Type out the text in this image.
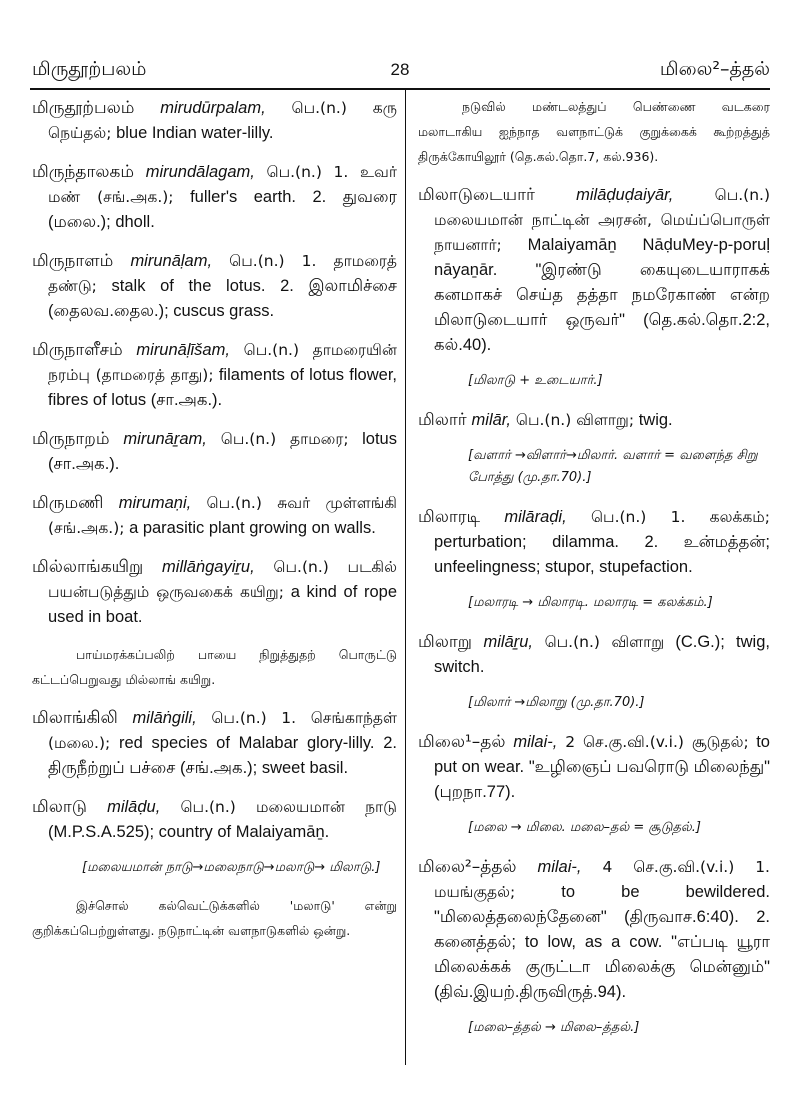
மிருதூற்பலம்	28	மிலை²–த்தல்
மிருதூற்பலம் mirudūrpalam, பெ.(n.) கரு நெய்தல்; blue Indian water-lilly.
மிருந்தாலகம் mirundālagam, பெ.(n.) 1. உவர் மண் (சங்.அக.); fuller's earth. 2. துவரை (மலை.); dholl.
மிருநாளம் mirunāḷam, பெ.(n.) 1. தாமரைத் தண்டு; stalk of the lotus. 2. இலாமிச்சை (தைலவ.தைல.); cuscus grass.
மிருநாளீசம் mirunāḷīšam, பெ.(n.) தாமரையின் நரம்பு (தாமரைத் தாது); filaments of lotus flower, fibres of lotus (சா.அக.).
மிருநாறம் mirunāṟam, பெ.(n.) தாமரை; lotus (சா.அக.).
மிருமணி mirumaṇi, பெ.(n.) சுவர் முள்ளங்கி (சங்.அக.); a parasitic plant growing on walls.
மில்லாங்கயிறு millāṅgayiṟu, பெ.(n.) படகில் பயன்படுத்தும் ஒருவகைக் கயிறு; a kind of rope used in boat.
பாய்மரக்கப்பலிற் பாயை நிறுத்துதற் பொருட்டு கட்டப்பெறுவது மில்லாங் கயிறு.
மிலாங்கிலி milāṅgili, பெ.(n.) 1. செங்காந்தள் (மலை.); red species of Malabar glory-lilly. 2. திருநீற்றுப் பச்சை (சங்.அக.); sweet basil.
மிலாடு milāḍu, பெ.(n.) மலையமான் நாடு (M.P.S.A.525); country of Malaiyamāṉ.
[மலையமான் நாடு→மலைநாடு→மலாடு→ மிலாடு.]
இச்சொல் கல்வெட்டுக்களில் 'மலாடு' என்று குறிக்கப்பெற்றுள்ளது. நடுநாட்டின் வளநாடுகளில் ஒன்று.
நடுவில் மண்டலத்துப் பெண்ணை வடகரை மலாடாகிய ஐந்நாத வளநாட்டுக் குறுக்கைக் கூற்றத்துத் திருக்கோயிலூர் (தெ.கல்.தொ.7, கல்.936).
மிலாடுடையார்	milāḍuḍaiyār,	பெ.(n.) மலையமான் நாட்டின் அரசன், மெய்ப்பொருள் நாயனார்; Malaiyamāṉ NāḍuMey-p-poruḷ nāyaṉār. "இரண்டு கையுடையாராகக் கனமாகச் செய்த தத்தா நமரேகாண் என்ற மிலாடுடையார் ஒருவர்" (தெ.கல்.தொ.2:2, கல்.40).
[மிலாடு + உடையார்.]
மிலார் milār, பெ.(n.) விளாறு; twig.
[வளார் →விளார்→மிலார். வளார் = வளைந்த சிறு போத்து (மு.தா.70).]
மிலாரடி milāraḍi, பெ.(n.) 1. கலக்கம்; perturbation; dilamma. 2. உன்மத்தன்; unfeelingness; stupor, stupefaction.
[மலாரடி → மிலாரடி. மலாரடி = கலக்கம்.]
மிலாறு milāṟu, பெ.(n.) விளாறு (C.G.); twig, switch.
[மிலார் →மிலாறு (மு.தா.70).]
மிலை¹–தல் milai-, 2 செ.கு.வி.(v.i.) சூடுதல்; to put on wear. "உழிஞைப் பவரொடு மிலைந்து" (புறநா.77).
[மலை → மிலை. மலை–தல் = சூடுதல்.]
மிலை²–த்தல் milai-, 4 செ.கு.வி.(v.i.) 1. மயங்குதல்; to be bewildered. "மிலைத்தலைந்தேனை" (திருவாச.6:40). 2. கனைத்தல்; to low, as a cow. "எப்படி யூரா மிலைக்கக் குருட்டா மிலைக்கு மென்னும்" (திவ்.இயற்.திருவிருத்.94).
[மலை–த்தல் → மிலை–த்தல்.]
